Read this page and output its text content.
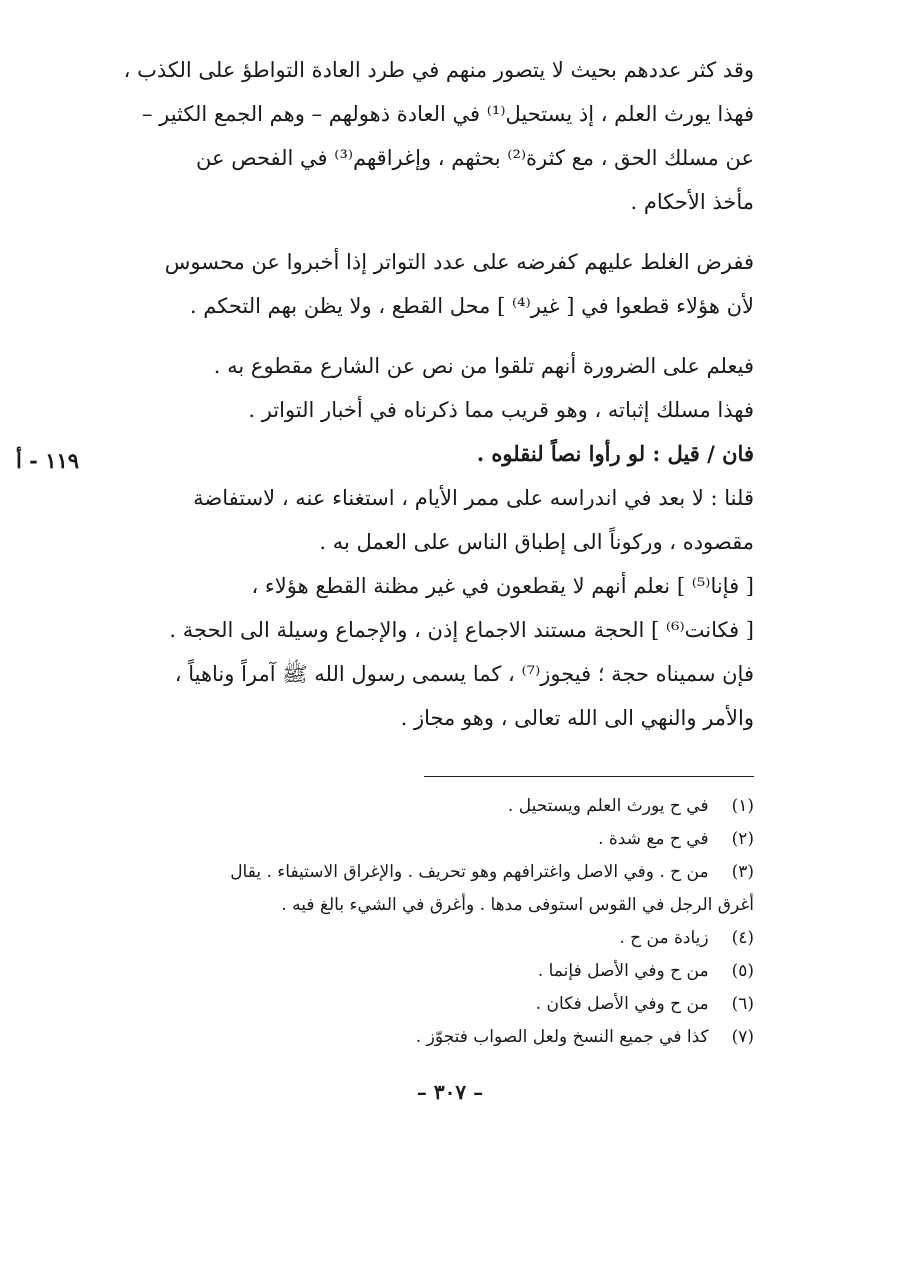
١١٩ - أ
وقد كثر عددهم بحيث لا يتصور منهم في طرد العادة التواطؤ على الكذب ،
فهذا يورث العلم ، إذ يستحيل⁽¹⁾ في العادة ذهولهم – وهم الجمع الكثير –
عن مسلك الحق ، مع كثرة⁽²⁾ بحثهم ، وإغراقهم⁽³⁾ في الفحص عن
مأخذ الأحكام .
ففرض الغلط عليهم كفرضه على عدد التواتر إذا أخبروا عن محسوس
لأن هؤلاء قطعوا في [ غير⁽⁴⁾ ] محل القطع ، ولا يظن بهم التحكم .
فيعلم على الضرورة أنهم تلقوا من نص عن الشارع مقطوع به .
فهذا مسلك إثباته ، وهو قريب مما ذكرناه في أخبار التواتر .
فان / قيل : لو رأوا نصاً لنقلوه .
قلنا : لا بعد في اندراسه على ممر الأيام ، استغناء عنه ، لاستفاضة
مقصوده ، وركوناً الى إطباق الناس على العمل به .
[ فإنا⁽⁵⁾ ] نعلم أنهم لا يقطعون في غير مظنة القطع هؤلاء ،
[ فكانت⁽⁶⁾ ] الحجة مستند الاجماع إذن ، والإجماع وسيلة الى الحجة .
فإن سميناه حجة ؛ فيجوز⁽⁷⁾ ، كما يسمى رسول الله ﷺ آمراً وناهياً ،
والأمر والنهي الى الله تعالى ، وهو مجاز .
(١) في ح يورث العلم ويستحيل .
(٢) في ح مع شدة .
(٣) من ح . وفي الاصل واغترافهم وهو تحريف . والإغراق الاستيفاء . يقال
أغرق الرجل في القوس استوفى مدها . وأغرق في الشيء بالغ فيه .
(٤) زيادة من ح .
(٥) من ح وفي الأصل فإنما .
(٦) من ح وفي الأصل فكان .
(٧) كذا في جميع النسخ ولعل الصواب فتجوّز .
– ٣٠٧ –
